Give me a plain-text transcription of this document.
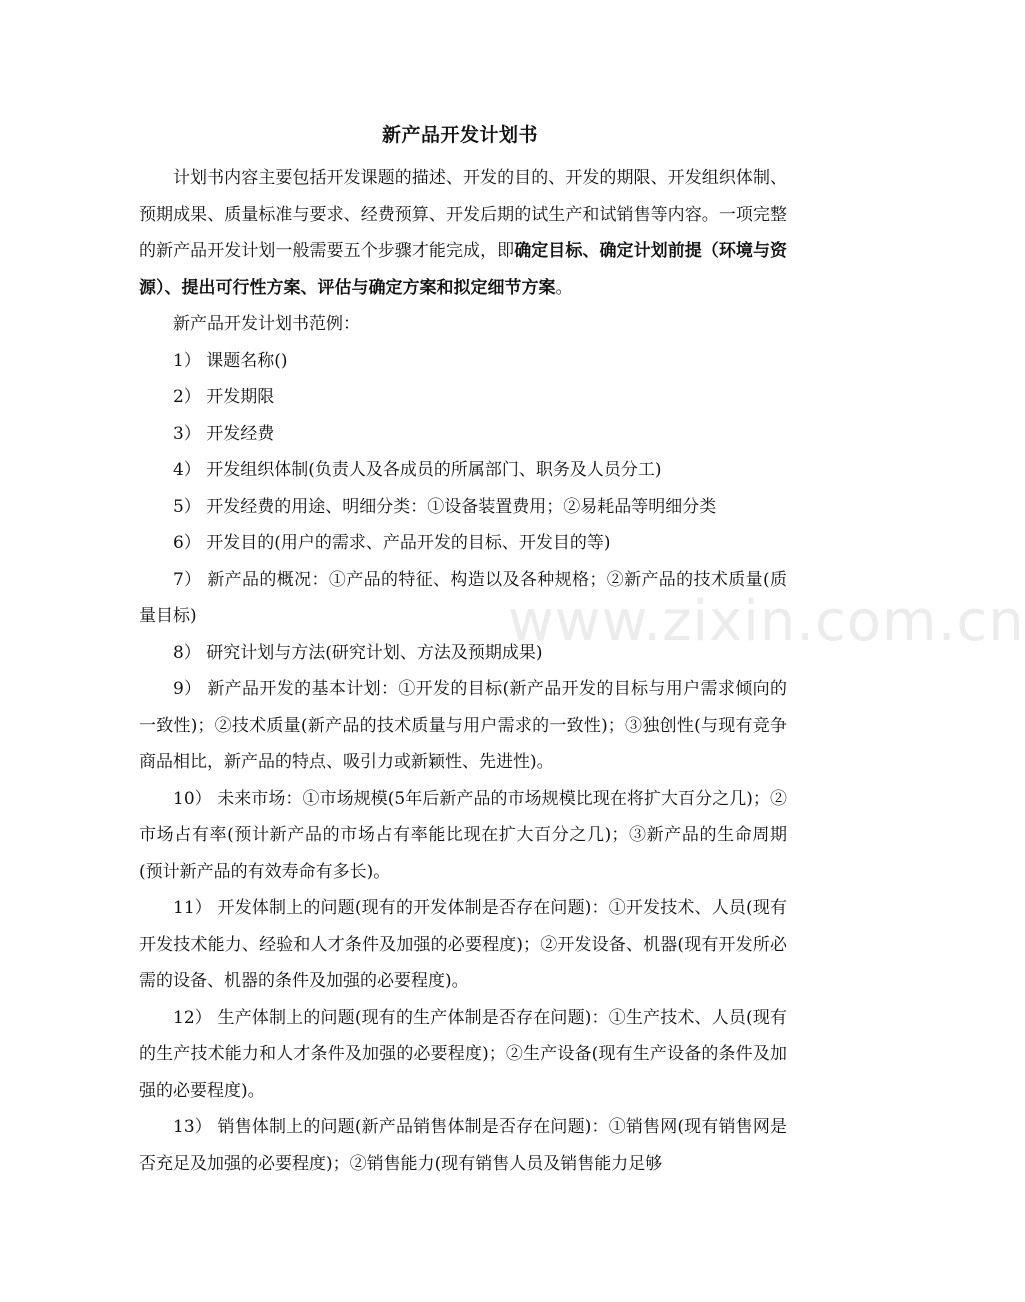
新产品开发计划书

计划书内容主要包括开发课题的描述、开发的目的、开发的期限、开发组织体制、预期成果、质量标准与要求、经费预算、开发后期的试生产和试销售等内容。一项完整的新产品开发计划一般需要五个步骤才能完成，即确定目标、确定计划前提（环境与资源）、提出可行性方案、评估与确定方案和拟定细节方案。

新产品开发计划书范例：

1） 课题名称()

2） 开发期限

3） 开发经费

4） 开发组织体制(负责人及各成员的所属部门、职务及人员分工)

5） 开发经费的用途、明细分类：①设备装置费用；②易耗品等明细分类

6） 开发目的(用户的需求、产品开发的目标、开发目的等)

7） 新产品的概况：①产品的特征、构造以及各种规格；②新产品的技术质量(质量目标)

8） 研究计划与方法(研究计划、方法及预期成果)

9） 新产品开发的基本计划：①开发的目标(新产品开发的目标与用户需求倾向的一致性)；②技术质量(新产品的技术质量与用户需求的一致性)；③独创性(与现有竞争商品相比，新产品的特点、吸引力或新颖性、先进性)。

10） 未来市场：①市场规模(5年后新产品的市场规模比现在将扩大百分之几)；② 市场占有率(预计新产品的市场占有率能比现在扩大百分之几)；③新产品的生命周期(预计新产品的有效寿命有多长)。

11） 开发体制上的问题(现有的开发体制是否存在问题)：①开发技术、人员(现有开发技术能力、经验和人才条件及加强的必要程度)；②开发设备、机器(现有开发所必需的设备、机器的条件及加强的必要程度)。

12） 生产体制上的问题(现有的生产体制是否存在问题)：①生产技术、人员(现有的生产技术能力和人才条件及加强的必要程度)；②生产设备(现有生产设备的条件及加强的必要程度)。

13） 销售体制上的问题(新产品销售体制是否存在问题)：①销售网(现有销售网是否充足及加强的必要程度)；②销售能力(现有销售人员及销售能力足够

www.zixin.com.cn
